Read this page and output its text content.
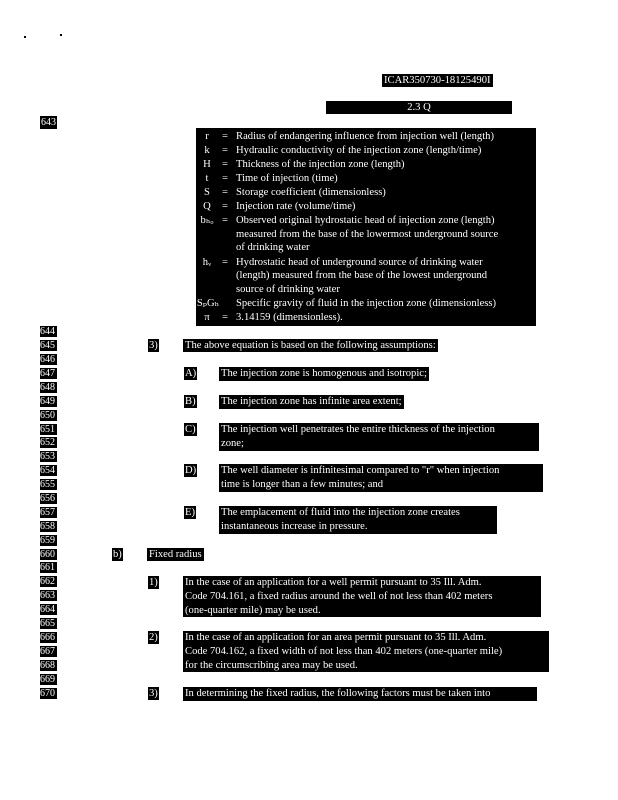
ICAR350730-18125490I
2.3 Q
643
r	= Radius of endangering influence from injection well (length)
k	= Hydraulic conductivity of the injection zone (length/time)
H	= Thickness of the injection zone (length)
t	= Time of injection (time)
S	= Storage coefficient (dimensionless)
Q	= Injection rate (volume/time)
bₕₒ = Observed original hydrostatic head of injection zone (length)
measured from the base of the lowermost underground source
of drinking water
hᵥ	= Hydrostatic head of underground source of drinking water
(length) measured from the base of the lowest underground
source of drinking water
SₚGₕ	Specific gravity of fluid in the injection zone (dimensionless)
π	= 3.14159 (dimensionless).
644
645
646
647
648
649
650
651
652
653
654
655
656
657
658
659
660
661
662
663
664
665
666
667
668
669
670
3)	The above equation is based on the following assumptions:
A) The injection zone is homogenous and isotropic;
B) The injection zone has infinite area extent;
C) The injection well penetrates the entire thickness of the injection
zone;
D) The well diameter is infinitesimal compared to "r" when injection
time is longer than a few minutes; and
E) The emplacement of fluid into the injection zone creates
instantaneous increase in pressure.
b)	Fixed radius
1)	In the case of an application for a well permit pursuant to 35 Ill. Adm.
Code 704.161, a fixed radius around the well of not less than 402 meters
(one-quarter mile) may be used.
2)	In the case of an application for an area permit pursuant to 35 Ill. Adm.
Code 704.162, a fixed width of not less than 402 meters (one-quarter mile)
for the circumscribing area may be used.
3)	In determining the fixed radius, the following factors must be taken into
